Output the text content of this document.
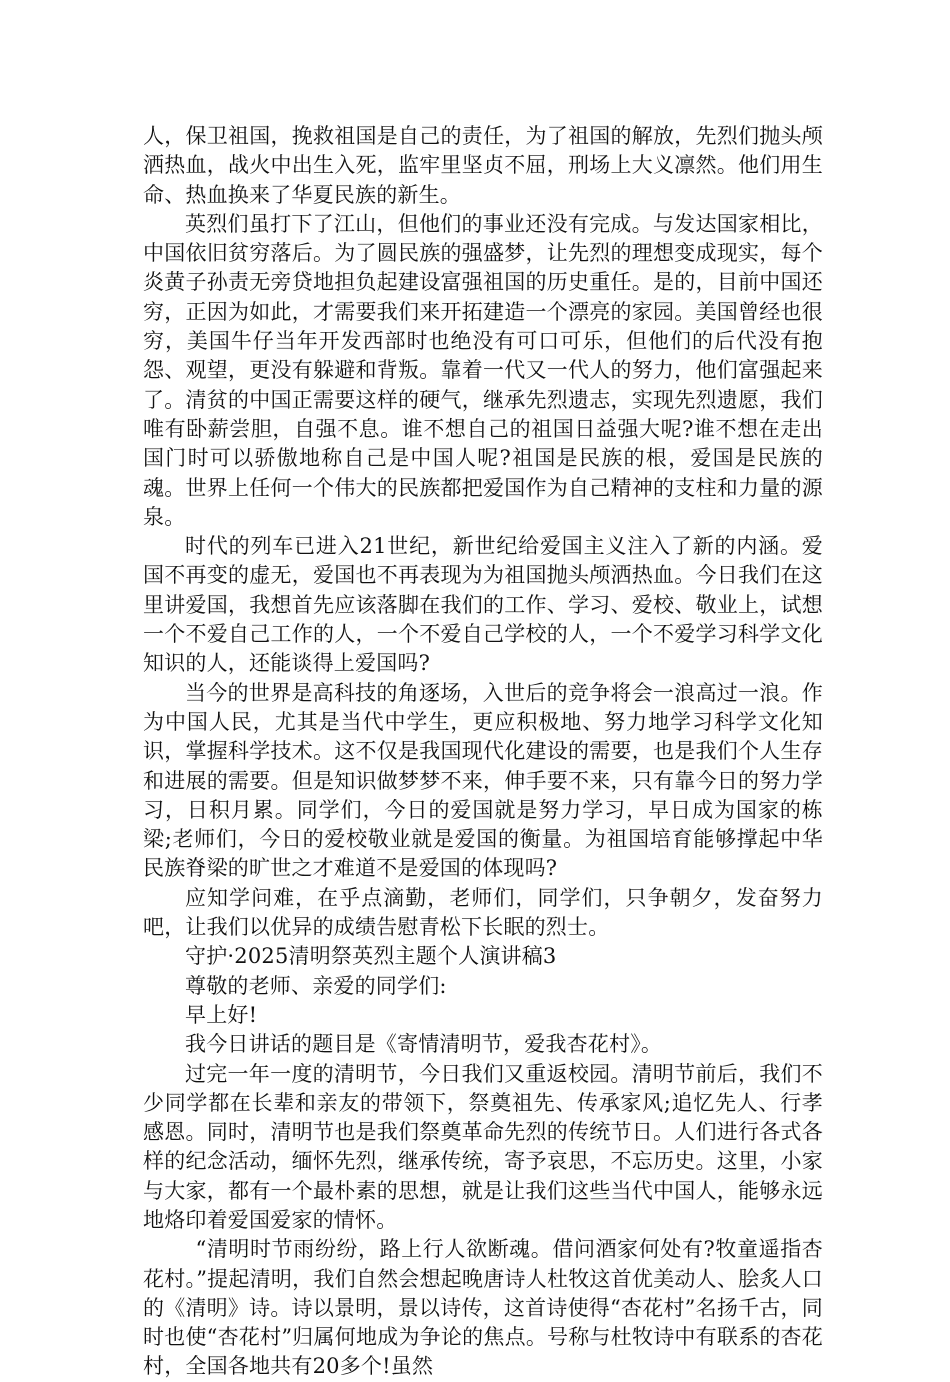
人，保卫祖国，挽救祖国是自己的责任，为了祖国的解放，先烈们抛头颅洒热血，战火中出生入死，监牢里坚贞不屈，刑场上大义凛然。他们用生命、热血换来了华夏民族的新生。

英烈们虽打下了江山，但他们的事业还没有完成。与发达国家相比，中国依旧贫穷落后。为了圆民族的强盛梦，让先烈的理想变成现实，每个炎黄子孙责无旁贷地担负起建设富强祖国的历史重任。是的，目前中国还穷，正因为如此，才需要我们来开拓建造一个漂亮的家园。美国曾经也很穷，美国牛仔当年开发西部时也绝没有可口可乐，但他们的后代没有抱怨、观望，更没有躲避和背叛。靠着一代又一代人的努力，他们富强起来了。清贫的中国正需要这样的硬气，继承先烈遗志，实现先烈遗愿，我们唯有卧薪尝胆，自强不息。谁不想自己的祖国日益强大呢?谁不想在走出国门时可以骄傲地称自己是中国人呢?祖国是民族的根，爱国是民族的魂。世界上任何一个伟大的民族都把爱国作为自己精神的支柱和力量的源泉。

时代的列车已进入21世纪，新世纪给爱国主义注入了新的内涵。爱国不再变的虚无，爱国也不再表现为为祖国抛头颅洒热血。今日我们在这里讲爱国，我想首先应该落脚在我们的工作、学习、爱校、敬业上，试想一个不爱自己工作的人，一个不爱自己学校的人，一个不爱学习科学文化知识的人，还能谈得上爱国吗?

当今的世界是高科技的角逐场，入世后的竞争将会一浪高过一浪。作为中国人民，尤其是当代中学生，更应积极地、努力地学习科学文化知识，掌握科学技术。这不仅是我国现代化建设的需要，也是我们个人生存和进展的需要。但是知识做梦梦不来，伸手要不来，只有靠今日的努力学习，日积月累。同学们，今日的爱国就是努力学习，早日成为国家的栋梁;老师们，今日的爱校敬业就是爱国的衡量。为祖国培育能够撑起中华民族脊梁的旷世之才难道不是爱国的体现吗?

应知学问难，在乎点滴勤，老师们，同学们，只争朝夕，发奋努力吧，让我们以优异的成绩告慰青松下长眠的烈士。

守护·2025清明祭英烈主题个人演讲稿3

尊敬的老师、亲爱的同学们:

早上好!

我今日讲话的题目是《寄情清明节，爱我杏花村》。

过完一年一度的清明节，今日我们又重返校园。清明节前后，我们不少同学都在长辈和亲友的带领下，祭奠祖先、传承家风;追忆先人、行孝感恩。同时，清明节也是我们祭奠革命先烈的传统节日。人们进行各式各样的纪念活动，缅怀先烈，继承传统，寄予哀思，不忘历史。这里，小家与大家，都有一个最朴素的思想，就是让我们这些当代中国人，能够永远地烙印着爱国爱家的情怀。

“清明时节雨纷纷，路上行人欲断魂。借问酒家何处有?牧童遥指杏花村。”提起清明，我们自然会想起晚唐诗人杜牧这首优美动人、脍炙人口的《清明》诗。诗以景明，景以诗传，这首诗使得“杏花村”名扬千古，同时也使“杏花村”归属何地成为争论的焦点。号称与杜牧诗中有联系的杏花村，全国各地共有20多个!虽然
